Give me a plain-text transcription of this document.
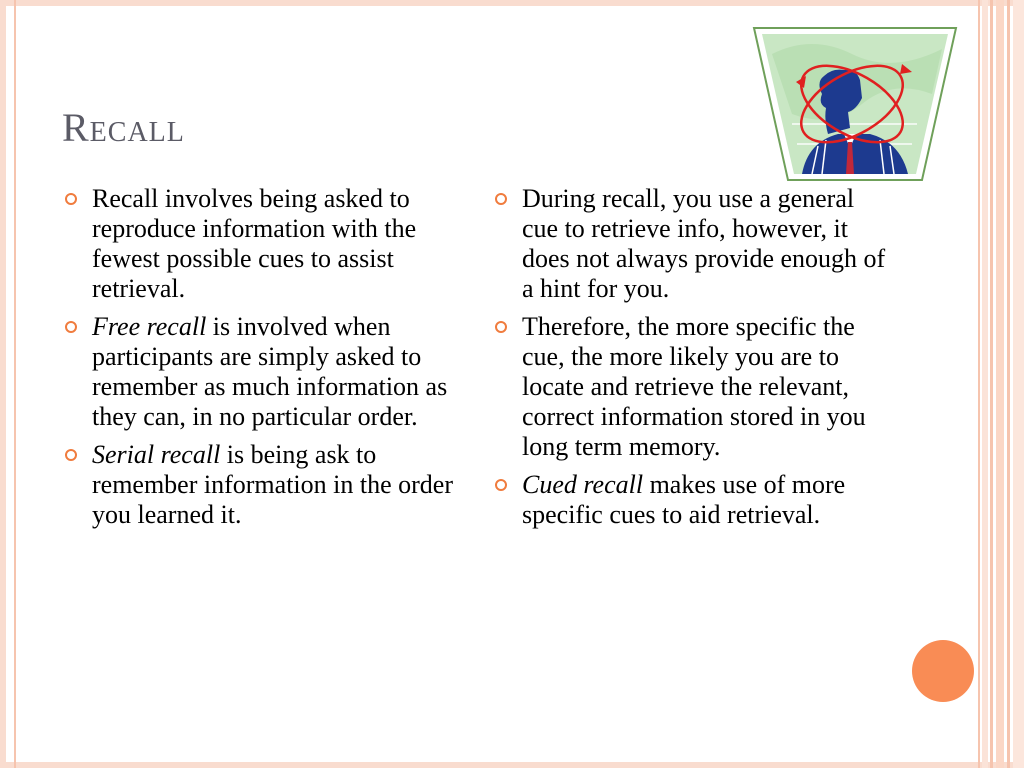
Recall
Recall involves being asked to reproduce information with the fewest possible cues to assist retrieval.
Free recall is involved when participants are simply asked to remember as much information as they can, in no particular order.
Serial recall is being ask to remember information in the order you learned it.
During recall, you use a general cue to retrieve info, however, it does not always provide enough of a hint for you.
Therefore, the more specific the cue, the more likely you are to locate and retrieve the relevant, correct information stored in you long term memory.
Cued recall makes use of more specific cues to aid retrieval.
